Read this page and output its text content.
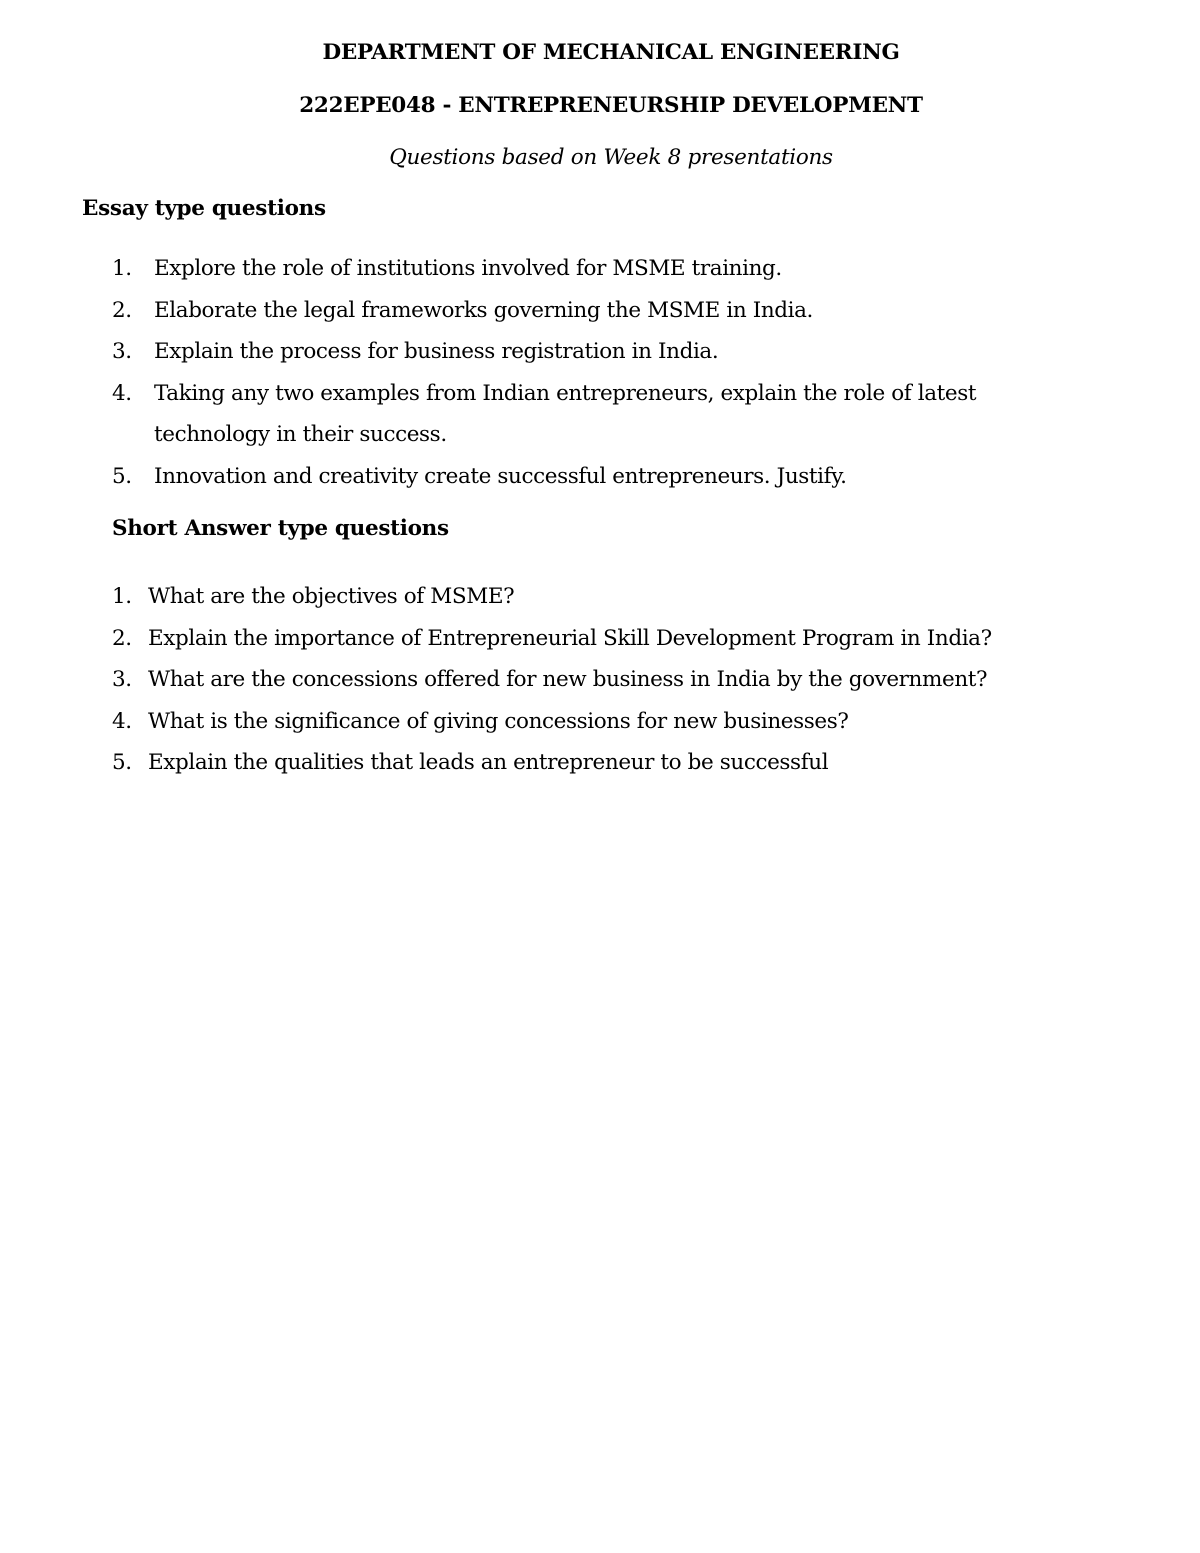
DEPARTMENT OF MECHANICAL ENGINEERING
222EPE048 - ENTREPRENEURSHIP DEVELOPMENT
Questions based on Week 8 presentations
Essay type questions
1. Explore the role of institutions involved for MSME training.
2. Elaborate the legal frameworks governing the MSME in India.
3. Explain the process for business registration in India.
4. Taking any two examples from Indian entrepreneurs, explain the role of latest technology in their success.
5. Innovation and creativity create successful entrepreneurs. Justify.
Short Answer type questions
1. What are the objectives of MSME?
2. Explain the importance of Entrepreneurial Skill Development Program in India?
3. What are the concessions offered for new business in India by the government?
4. What is the significance of giving concessions for new businesses?
5. Explain the qualities that leads an entrepreneur to be successful
